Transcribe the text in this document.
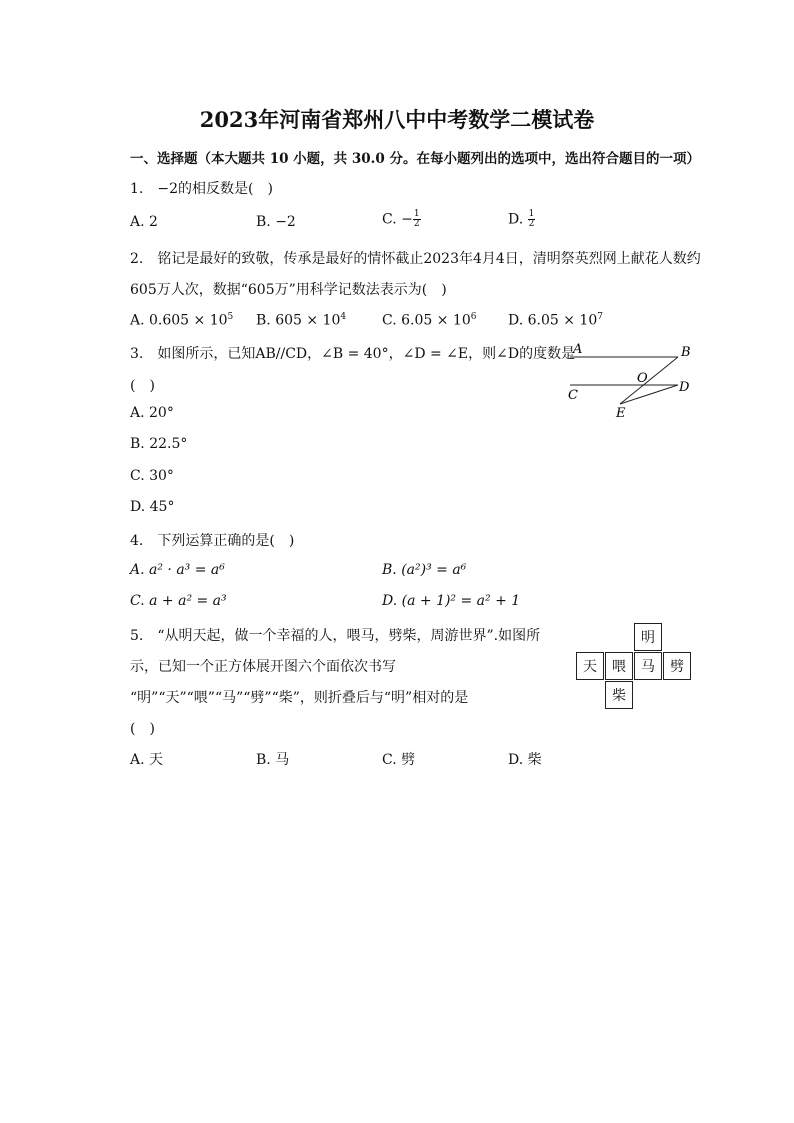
2023年河南省郑州八中中考数学二模试卷
一、选择题（本大题共 10 小题，共 30.0 分。在每小题列出的选项中，选出符合题目的一项）
1.　−2的相反数是(　)
A. 2	B. −2	C. − $\frac{1}{2}$	D. $\frac{1}{2}$
2.　铭记是最好的致敬，传承是最好的情怀截止2023年4月4日，清明祭英烈网上献花人数约
605万人次，数据“605万”用科学记数法表示为(　)
A. $0.605 \times 10^5$ B. $605 \times 10^4$	C. $6.05 \times 10^6$ D. $6.05 \times 10^7$
3.　如图所示，已知AB//CD，∠B = 40°，∠D = ∠E，则∠D的度数是
(　)
A. 20°
B. 22.5°
C. 30°
D. 45°
A	B
C
D
E
O
4.　下列运算正确的是(　)
A. a² · a³ = a⁶	B. (a²)³ = a⁶
C. a + a² = a³	D. (a + 1)² = a² + 1
5.　“从明天起，做一个幸福的人，喂马，劈柴，周游世界”.如图所
示，已知一个正方体展开图六个面依次书写
“明”“天”“喂”“马”“劈”“柴”，则折叠后与“明”相对的是
(　)
A. 天	B. 马	C. 劈	D. 柴
明
天	喂	马	劈
柴
